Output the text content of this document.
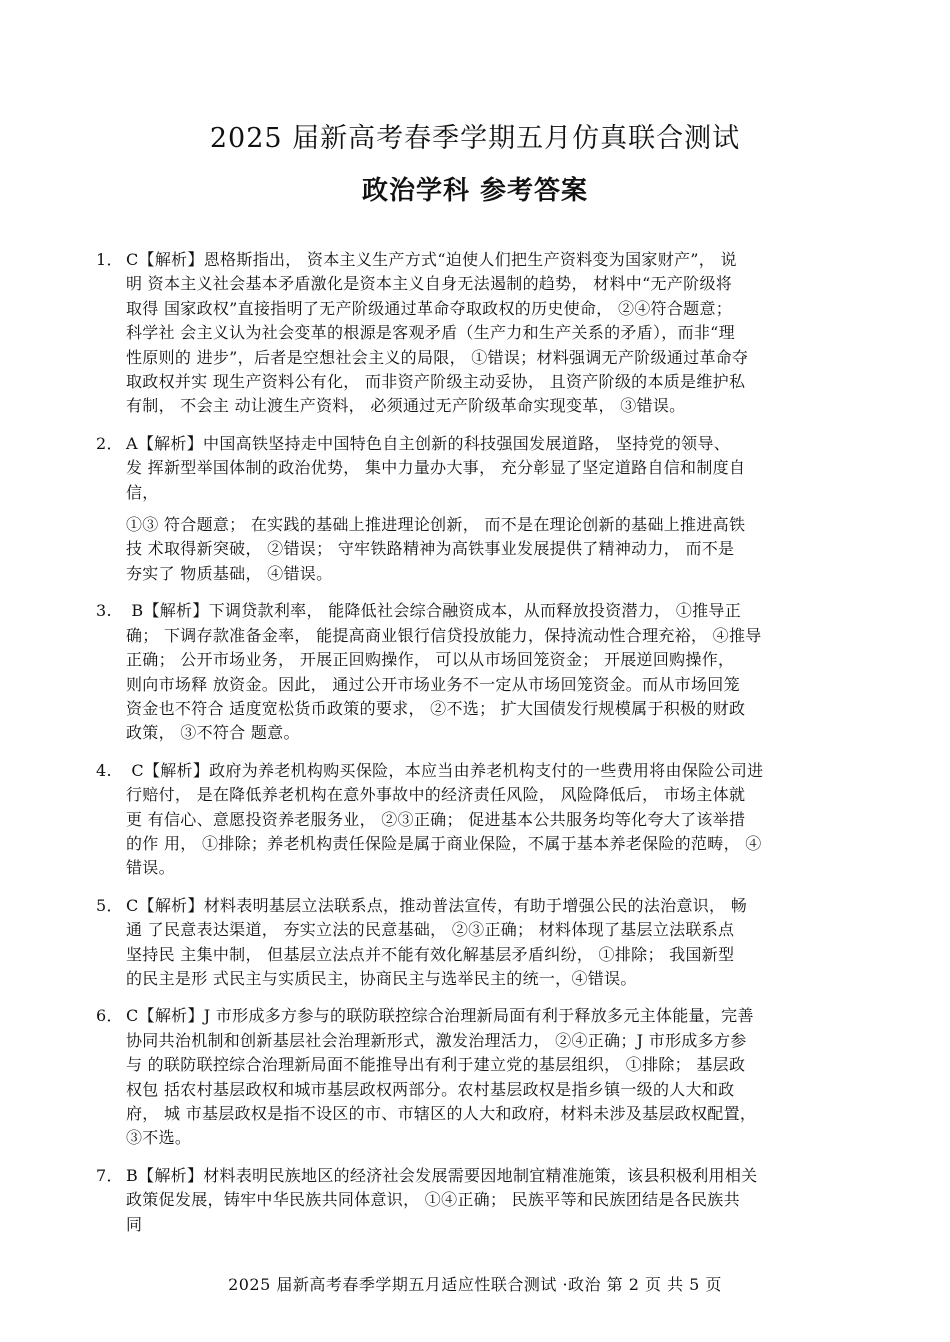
2025 届新高考春季学期五月仿真联合测试
政治学科 参考答案
1． C【解析】恩格斯指出， 资本主义生产方式“迫使人们把生产资料变为国家财产”， 说
明 资本主义社会基本矛盾激化是资本主义自身无法遏制的趋势， 材料中“无产阶级将
取得 国家政权”直接指明了无产阶级通过革命夺取政权的历史使命， ②④符合题意；
科学社 会主义认为社会变革的根源是客观矛盾（生产力和生产关系的矛盾），而非“理
性原则的 进步”，后者是空想社会主义的局限， ①错误；材料强调无产阶级通过革命夺
取政权并实 现生产资料公有化， 而非资产阶级主动妥协， 且资产阶级的本质是维护私
有制， 不会主 动让渡生产资料， 必须通过无产阶级革命实现变革， ③错误。
2． A【解析】中国高铁坚持走中国特色自主创新的科技强国发展道路， 坚持党的领导、
发 挥新型举国体制的政治优势， 集中力量办大事， 充分彰显了坚定道路自信和制度自
信，
①③ 符合题意； 在实践的基础上推进理论创新， 而不是在理论创新的基础上推进高铁
技 术取得新突破， ②错误； 守牢铁路精神为高铁事业发展提供了精神动力， 而不是
夯实了 物质基础， ④错误。
3. B【解析】下调贷款利率， 能降低社会综合融资成本，从而释放投资潜力， ①推导正
确； 下调存款准备金率， 能提高商业银行信贷投放能力，保持流动性合理充裕， ④推导
正确； 公开市场业务， 开展正回购操作， 可以从市场回笼资金； 开展逆回购操作，
则向市场释 放资金。因此， 通过公开市场业务不一定从市场回笼资金。而从市场回笼
资金也不符合 适度宽松货币政策的要求， ②不选； 扩大国债发行规模属于积极的财政
政策， ③不符合 题意。
4. C【解析】政府为养老机构购买保险，本应当由养老机构支付的一些费用将由保险公司进
行赔付， 是在降低养老机构在意外事故中的经济责任风险， 风险降低后， 市场主体就
更 有信心、意愿投资养老服务业， ②③正确； 促进基本公共服务均等化夸大了该举措
的作 用， ①排除；养老机构责任保险是属于商业保险，不属于基本养老保险的范畴， ④
错误。
5． C【解析】材料表明基层立法联系点，推动普法宣传，有助于增强公民的法治意识， 畅
通 了民意表达渠道， 夯实立法的民意基础， ②③正确； 材料体现了基层立法联系点
坚持民 主集中制， 但基层立法点并不能有效化解基层矛盾纠纷， ①排除； 我国新型
的民主是形 式民主与实质民主，协商民主与选举民主的统一，④错误。
6． C【解析】J 市形成多方参与的联防联控综合治理新局面有利于释放多元主体能量，完善
协同共治机制和创新基层社会治理新形式，激发治理活力， ②④正确；J 市形成多方参
与 的联防联控综合治理新局面不能推导出有利于建立党的基层组织， ①排除； 基层政
权包 括农村基层政权和城市基层政权两部分。农村基层政权是指乡镇一级的人大和政
府， 城 市基层政权是指不设区的市、市辖区的人大和政府，材料未涉及基层政权配置，
③不选。
7． B【解析】材料表明民族地区的经济社会发展需要因地制宜精准施策，该县积极利用相关
政策促发展，铸牢中华民族共同体意识， ①④正确； 民族平等和民族团结是各民族共
同
2025 届新高考春季学期五月适应性联合测试 ·政治 第 2 页 共 5 页
